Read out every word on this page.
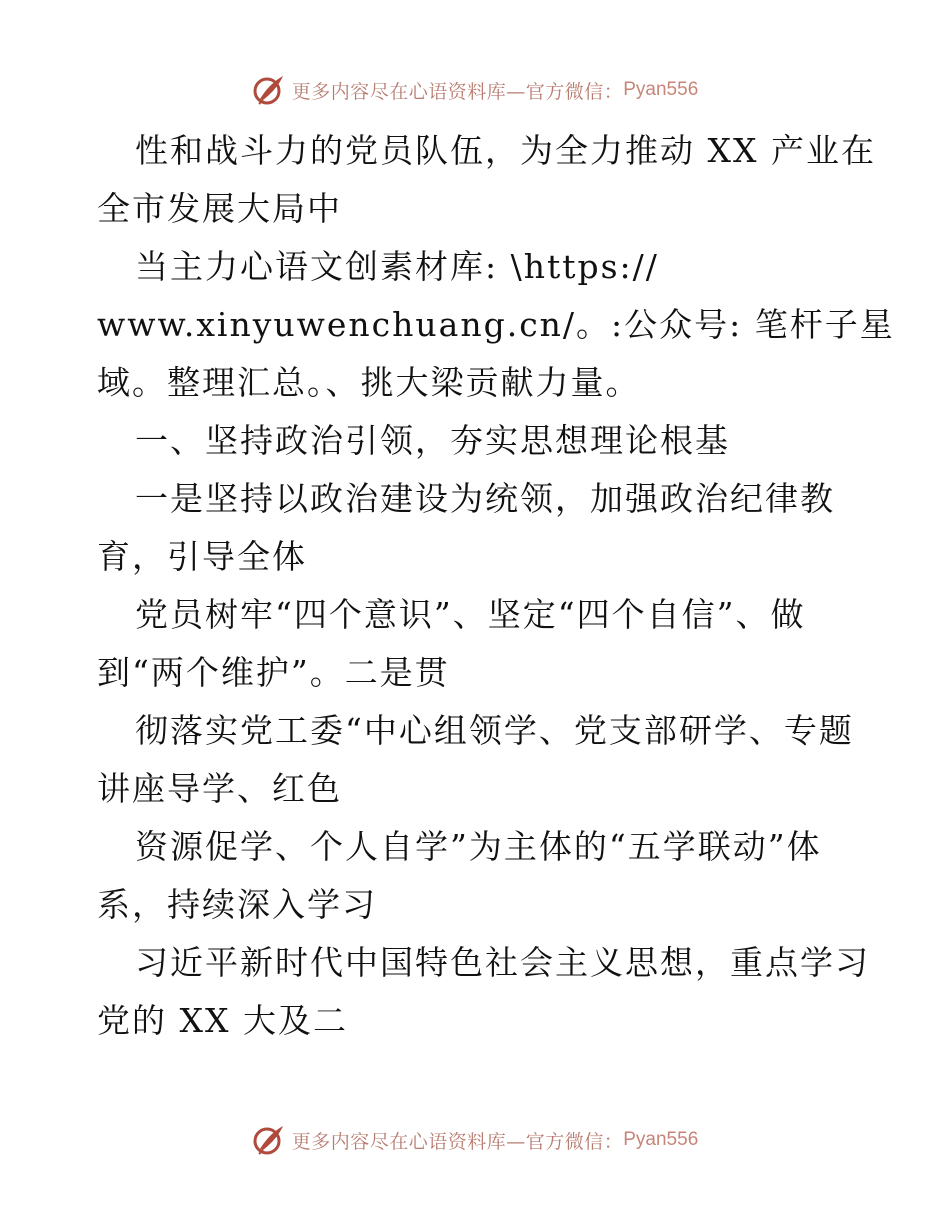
更多内容尽在心语资料库—官方微信： Pyan556
性和战斗力的党员队伍，为全力推动 XX 产业在
全市发展大局中
当主力心语文创素材库: \https://
www.xinyuwenchuang.cn/。:公众号: 笔杆子星
域。整理汇总。、挑大梁贡献力量。
一、坚持政治引领，夯实思想理论根基
一是坚持以政治建设为统领，加强政治纪律教
育，引导全体
党员树牢“四个意识”、坚定“四个自信”、做
到“两个维护”。二是贯
彻落实党工委“中心组领学、党支部研学、专题
讲座导学、红色
资源促学、个人自学”为主体的“五学联动”体
系，持续深入学习
习近平新时代中国特色社会主义思想，重点学习
党的 XX 大及二
更多内容尽在心语资料库—官方微信： Pyan556
